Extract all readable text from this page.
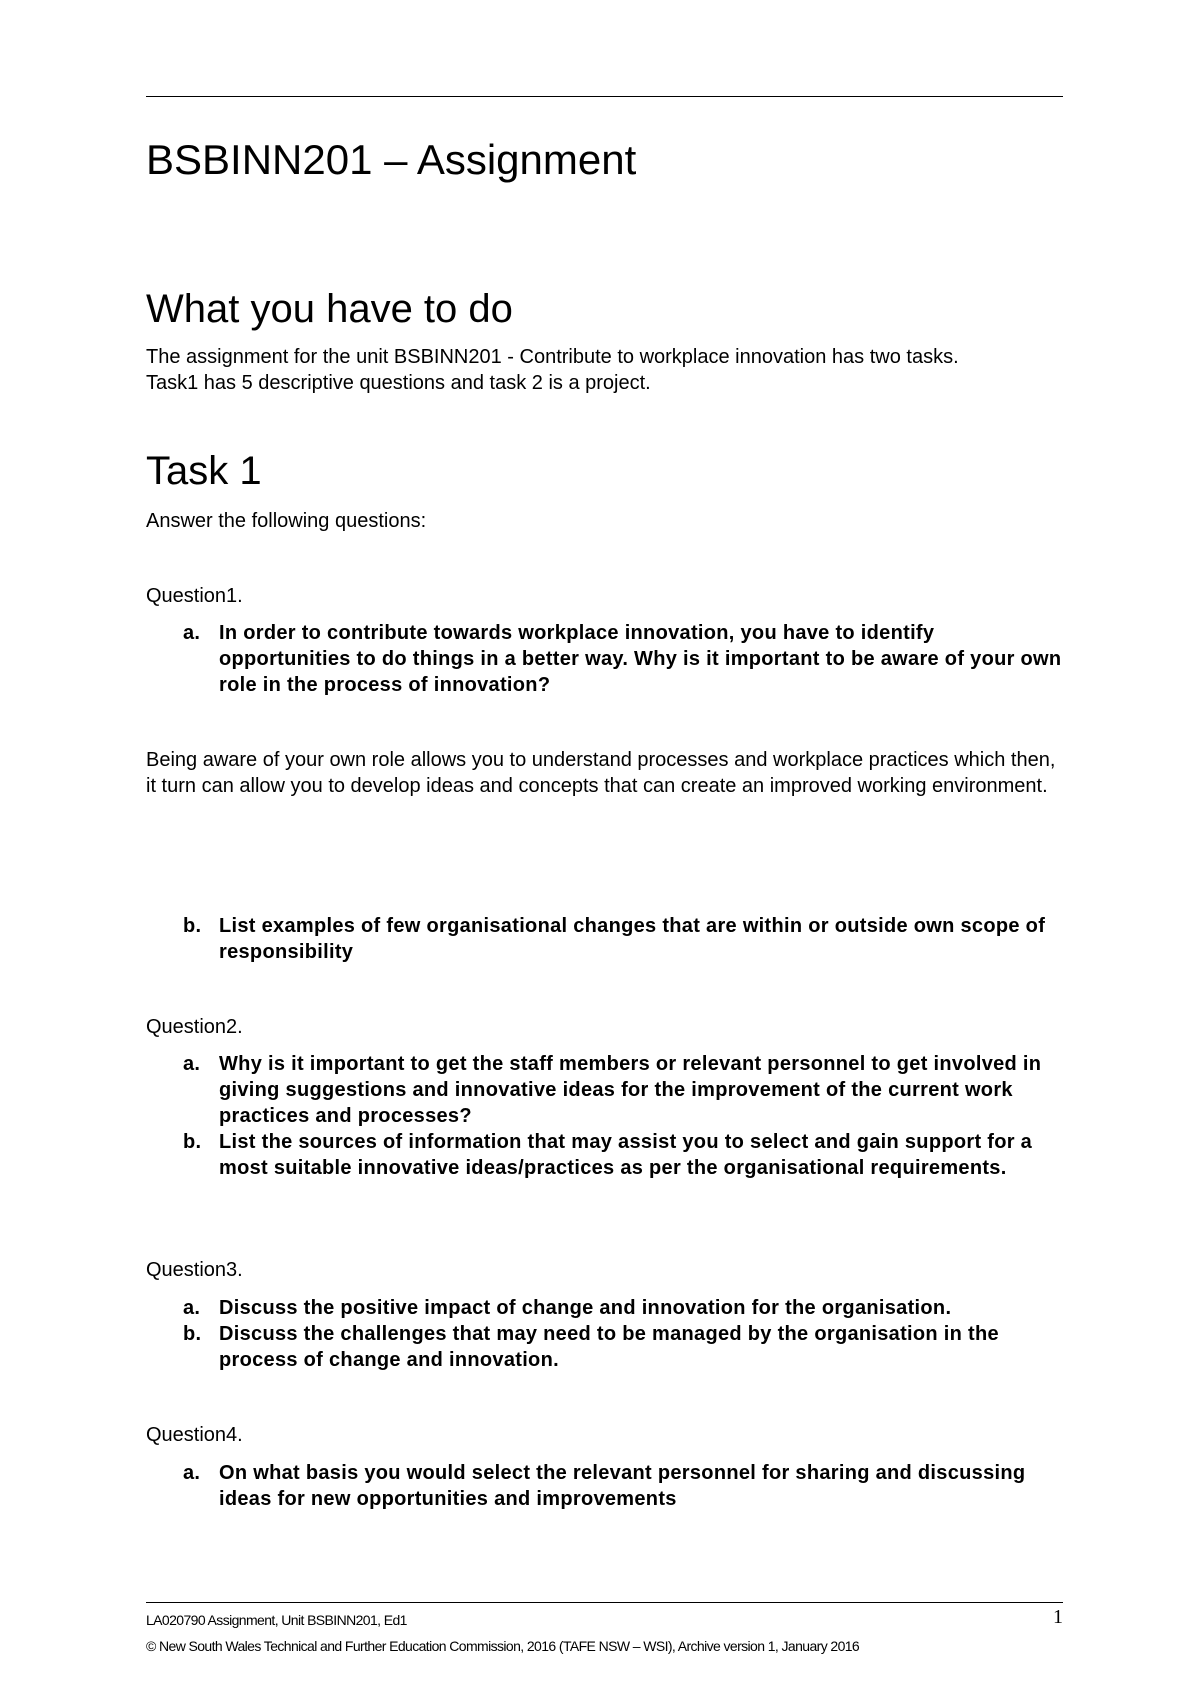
BSBINN201 – Assignment
What you have to do
The assignment for the unit BSBINN201 - Contribute to workplace innovation has two tasks.
Task1 has 5 descriptive questions and task 2 is a project.
Task 1
Answer the following questions:
Question1.
a. In order to contribute towards workplace innovation, you have to identify opportunities to do things in a better way. Why is it important to be aware of your own role in the process of innovation?
Being aware of your own role allows you to understand processes and workplace practices which then, it turn can allow you to develop ideas and concepts that can create an improved working environment.
b. List examples of few organisational changes that are within or outside own scope of responsibility
Question2.
a. Why is it important to get the staff members or relevant personnel to get involved in giving suggestions and innovative ideas for the improvement of the current work practices and processes?
b. List the sources of information that may assist you to select and gain support for a most suitable innovative ideas/practices as per the organisational requirements.
Question3.
a. Discuss the positive impact of change and innovation for the organisation.
b. Discuss the challenges that may need to be managed by the organisation in the process of change and innovation.
Question4.
a. On what basis you would select the relevant personnel for sharing and discussing ideas for new opportunities and improvements
LA020790 Assignment, Unit BSBINN201, Ed1	1
© New South Wales Technical and Further Education Commission, 2016 (TAFE NSW – WSI), Archive version 1, January 2016
